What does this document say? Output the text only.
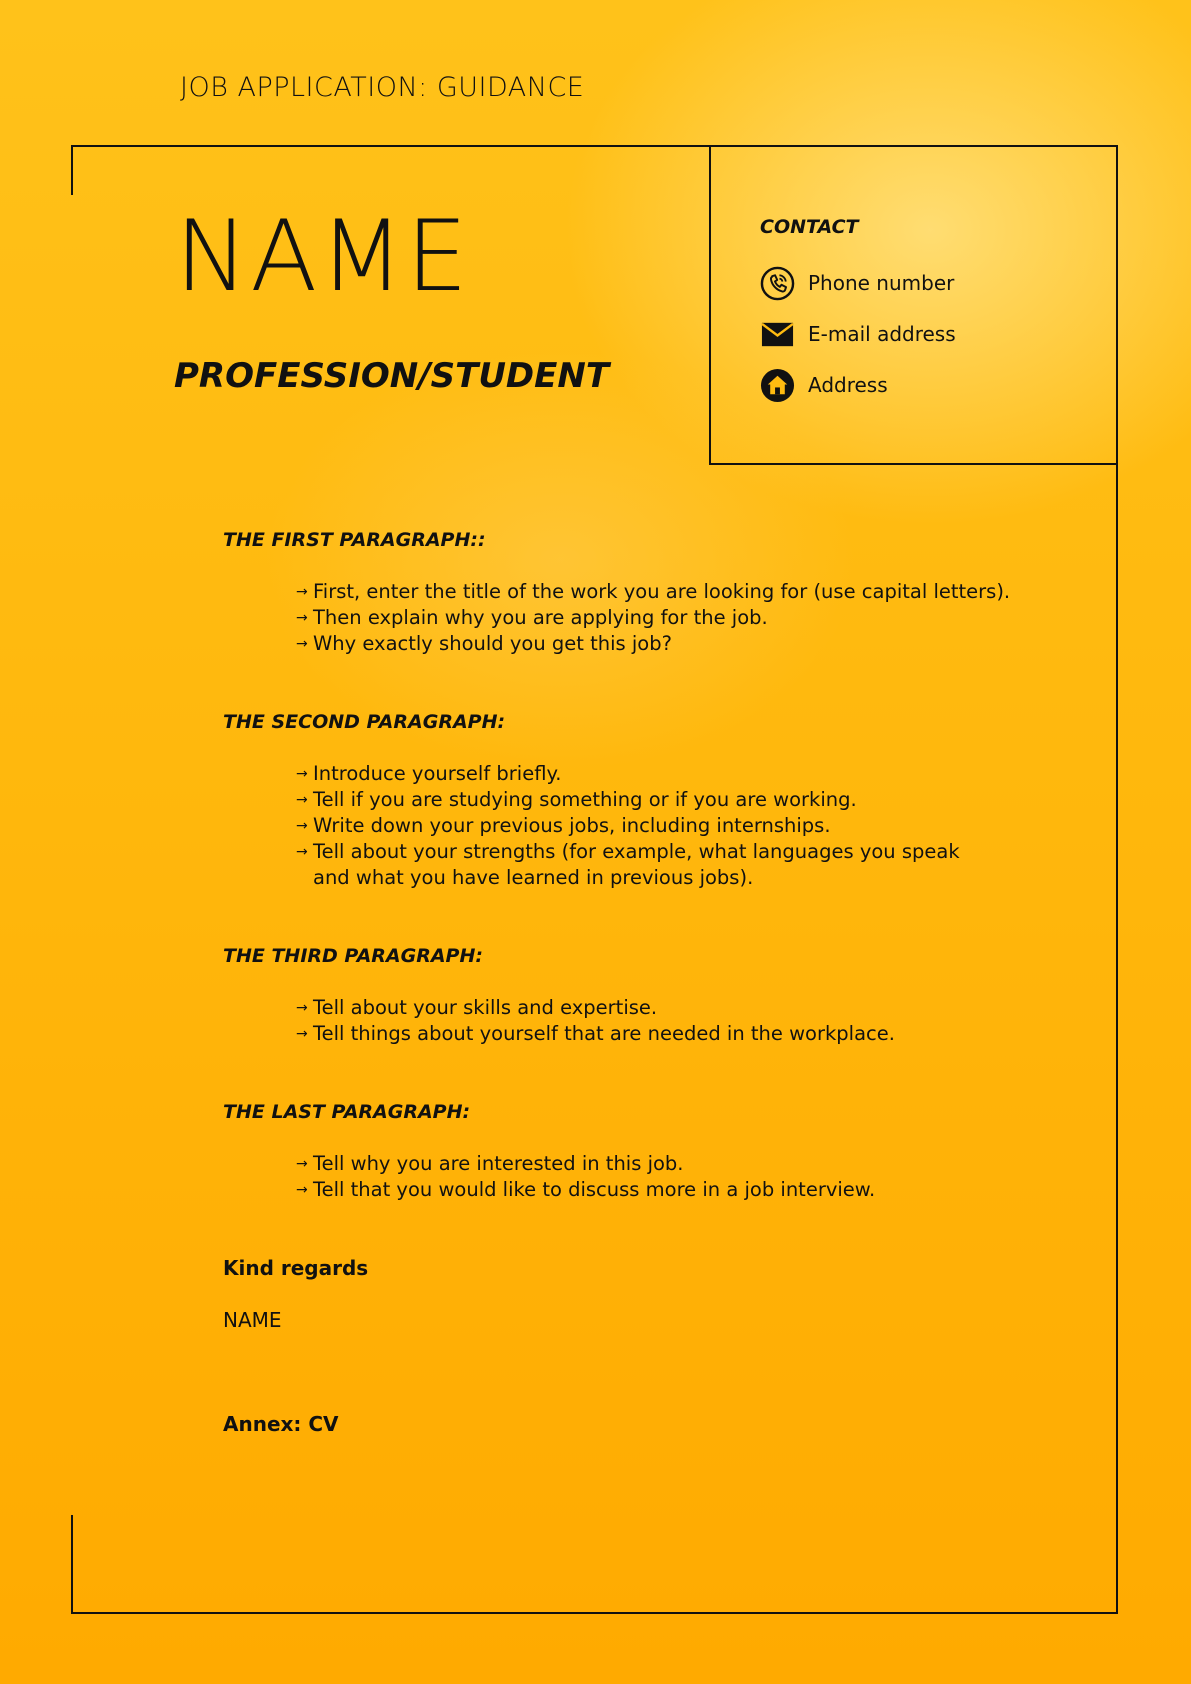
JOB APPLICATION: GUIDANCE
NAME
PROFESSION/STUDENT
CONTACT
Phone number
E-mail address
Address
THE FIRST PARAGRAPH::
→ First, enter the title of the work you are looking for (use capital letters).
→ Then explain why you are applying for the job.
→ Why exactly should you get this job?
THE SECOND PARAGRAPH:
→ Introduce yourself briefly.
→ Tell if you are studying something or if you are working.
→ Write down your previous jobs, including internships.
→ Tell about your strengths (for example, what languages you speak
and what you have learned in previous jobs).
THE THIRD PARAGRAPH:
→ Tell about your skills and expertise.
→ Tell things about yourself that are needed in the workplace.
THE LAST PARAGRAPH:
→ Tell why you are interested in this job.
→ Tell that you would like to discuss more in a job interview.

Kind regards

NAME

Annex: CV
